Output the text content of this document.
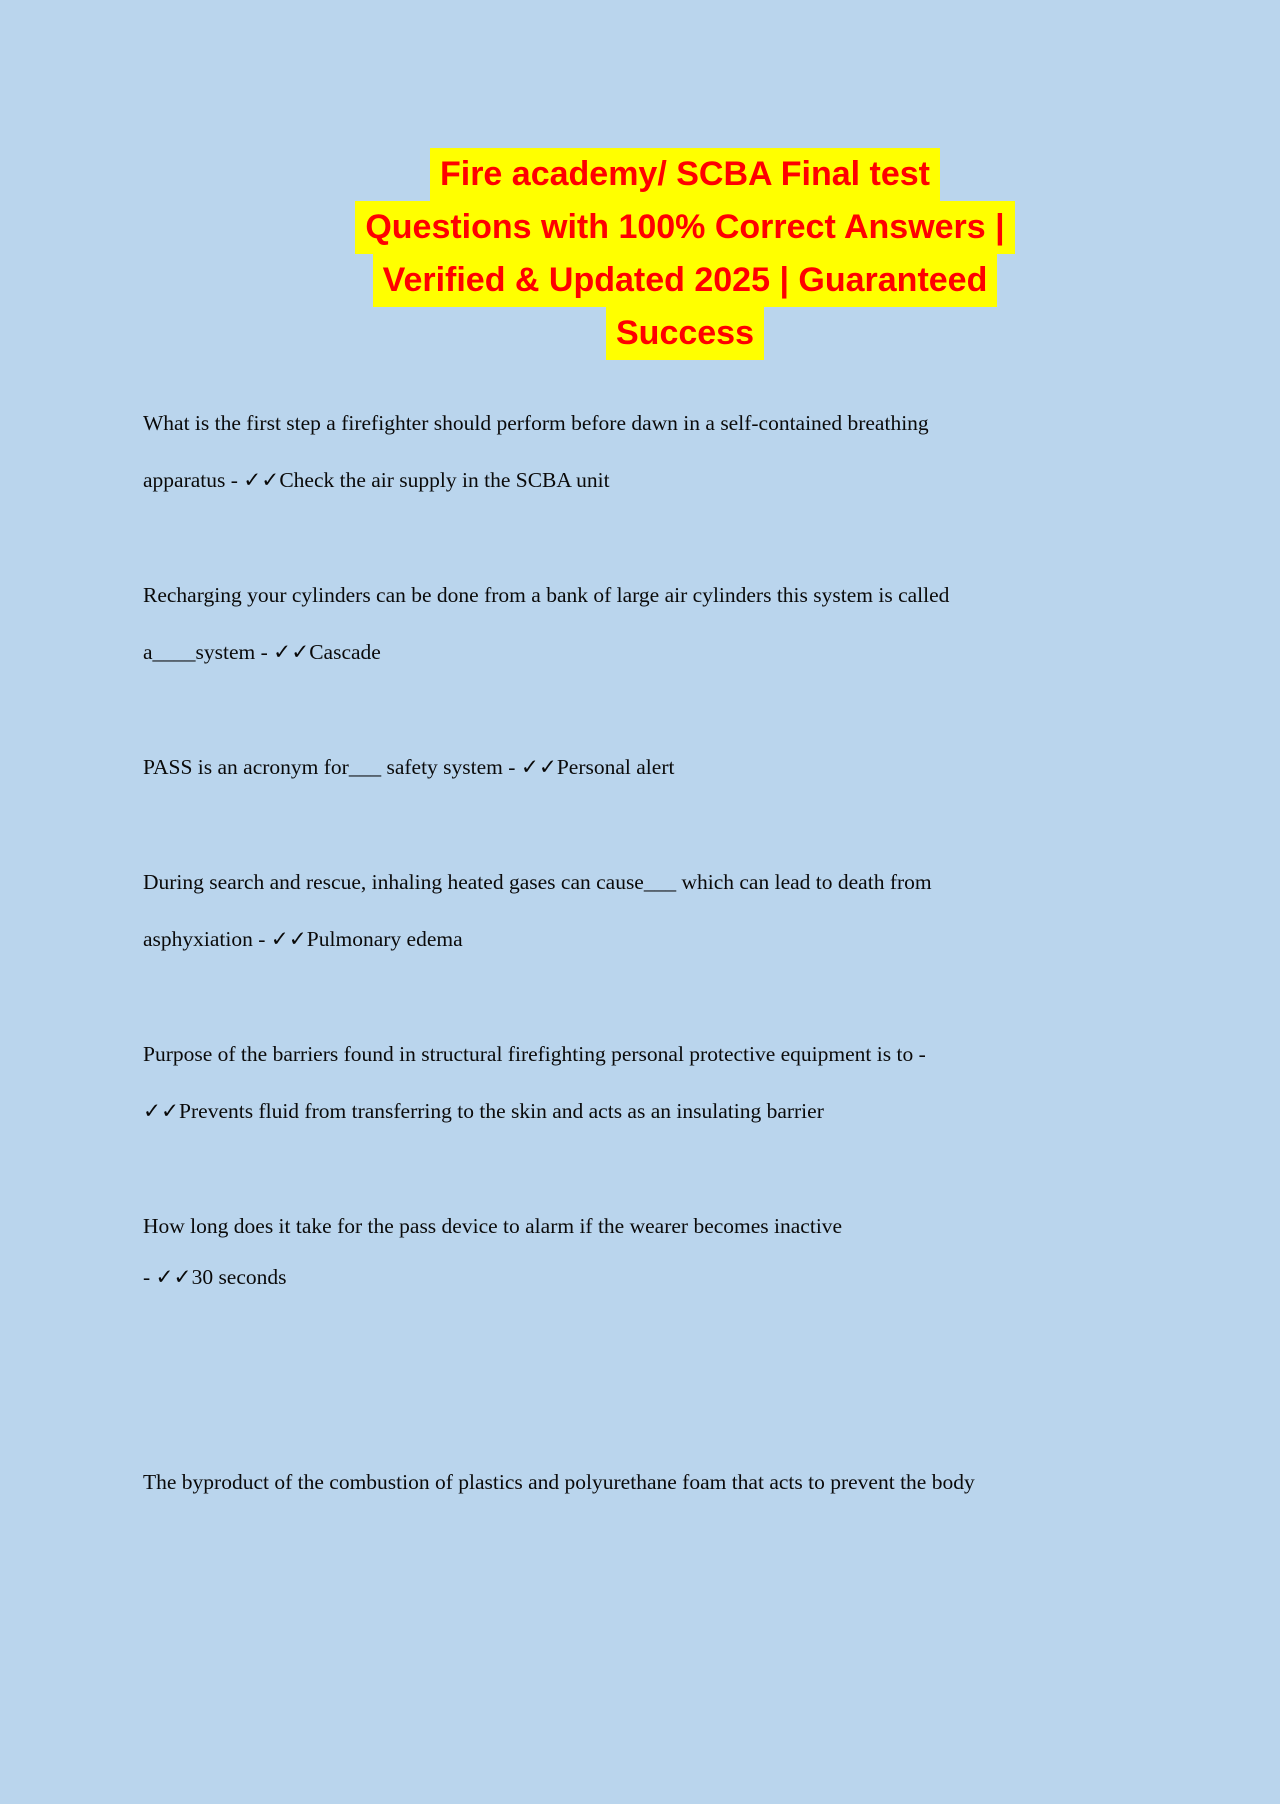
Fire academy/ SCBA Final test
Questions with 100% Correct Answers |
Verified & Updated 2025 | Guaranteed
Success
What is the first step a firefighter should perform before dawn in a self-contained breathing
apparatus - ✓✓Check the air supply in the SCBA unit
Recharging your cylinders can be done from a bank of large air cylinders this system is called
a____system - ✓✓Cascade
PASS is an acronym for___ safety system - ✓✓Personal alert
During search and rescue, inhaling heated gases can cause___ which can lead to death from
asphyxiation - ✓✓Pulmonary edema
Purpose of the barriers found in structural firefighting personal protective equipment is to -
✓✓Prevents fluid from transferring to the skin and acts as an insulating barrier
How long does it take for the pass device to alarm if the wearer becomes inactive
- ✓✓30 seconds
The byproduct of the combustion of plastics and polyurethane foam that acts to prevent the body
